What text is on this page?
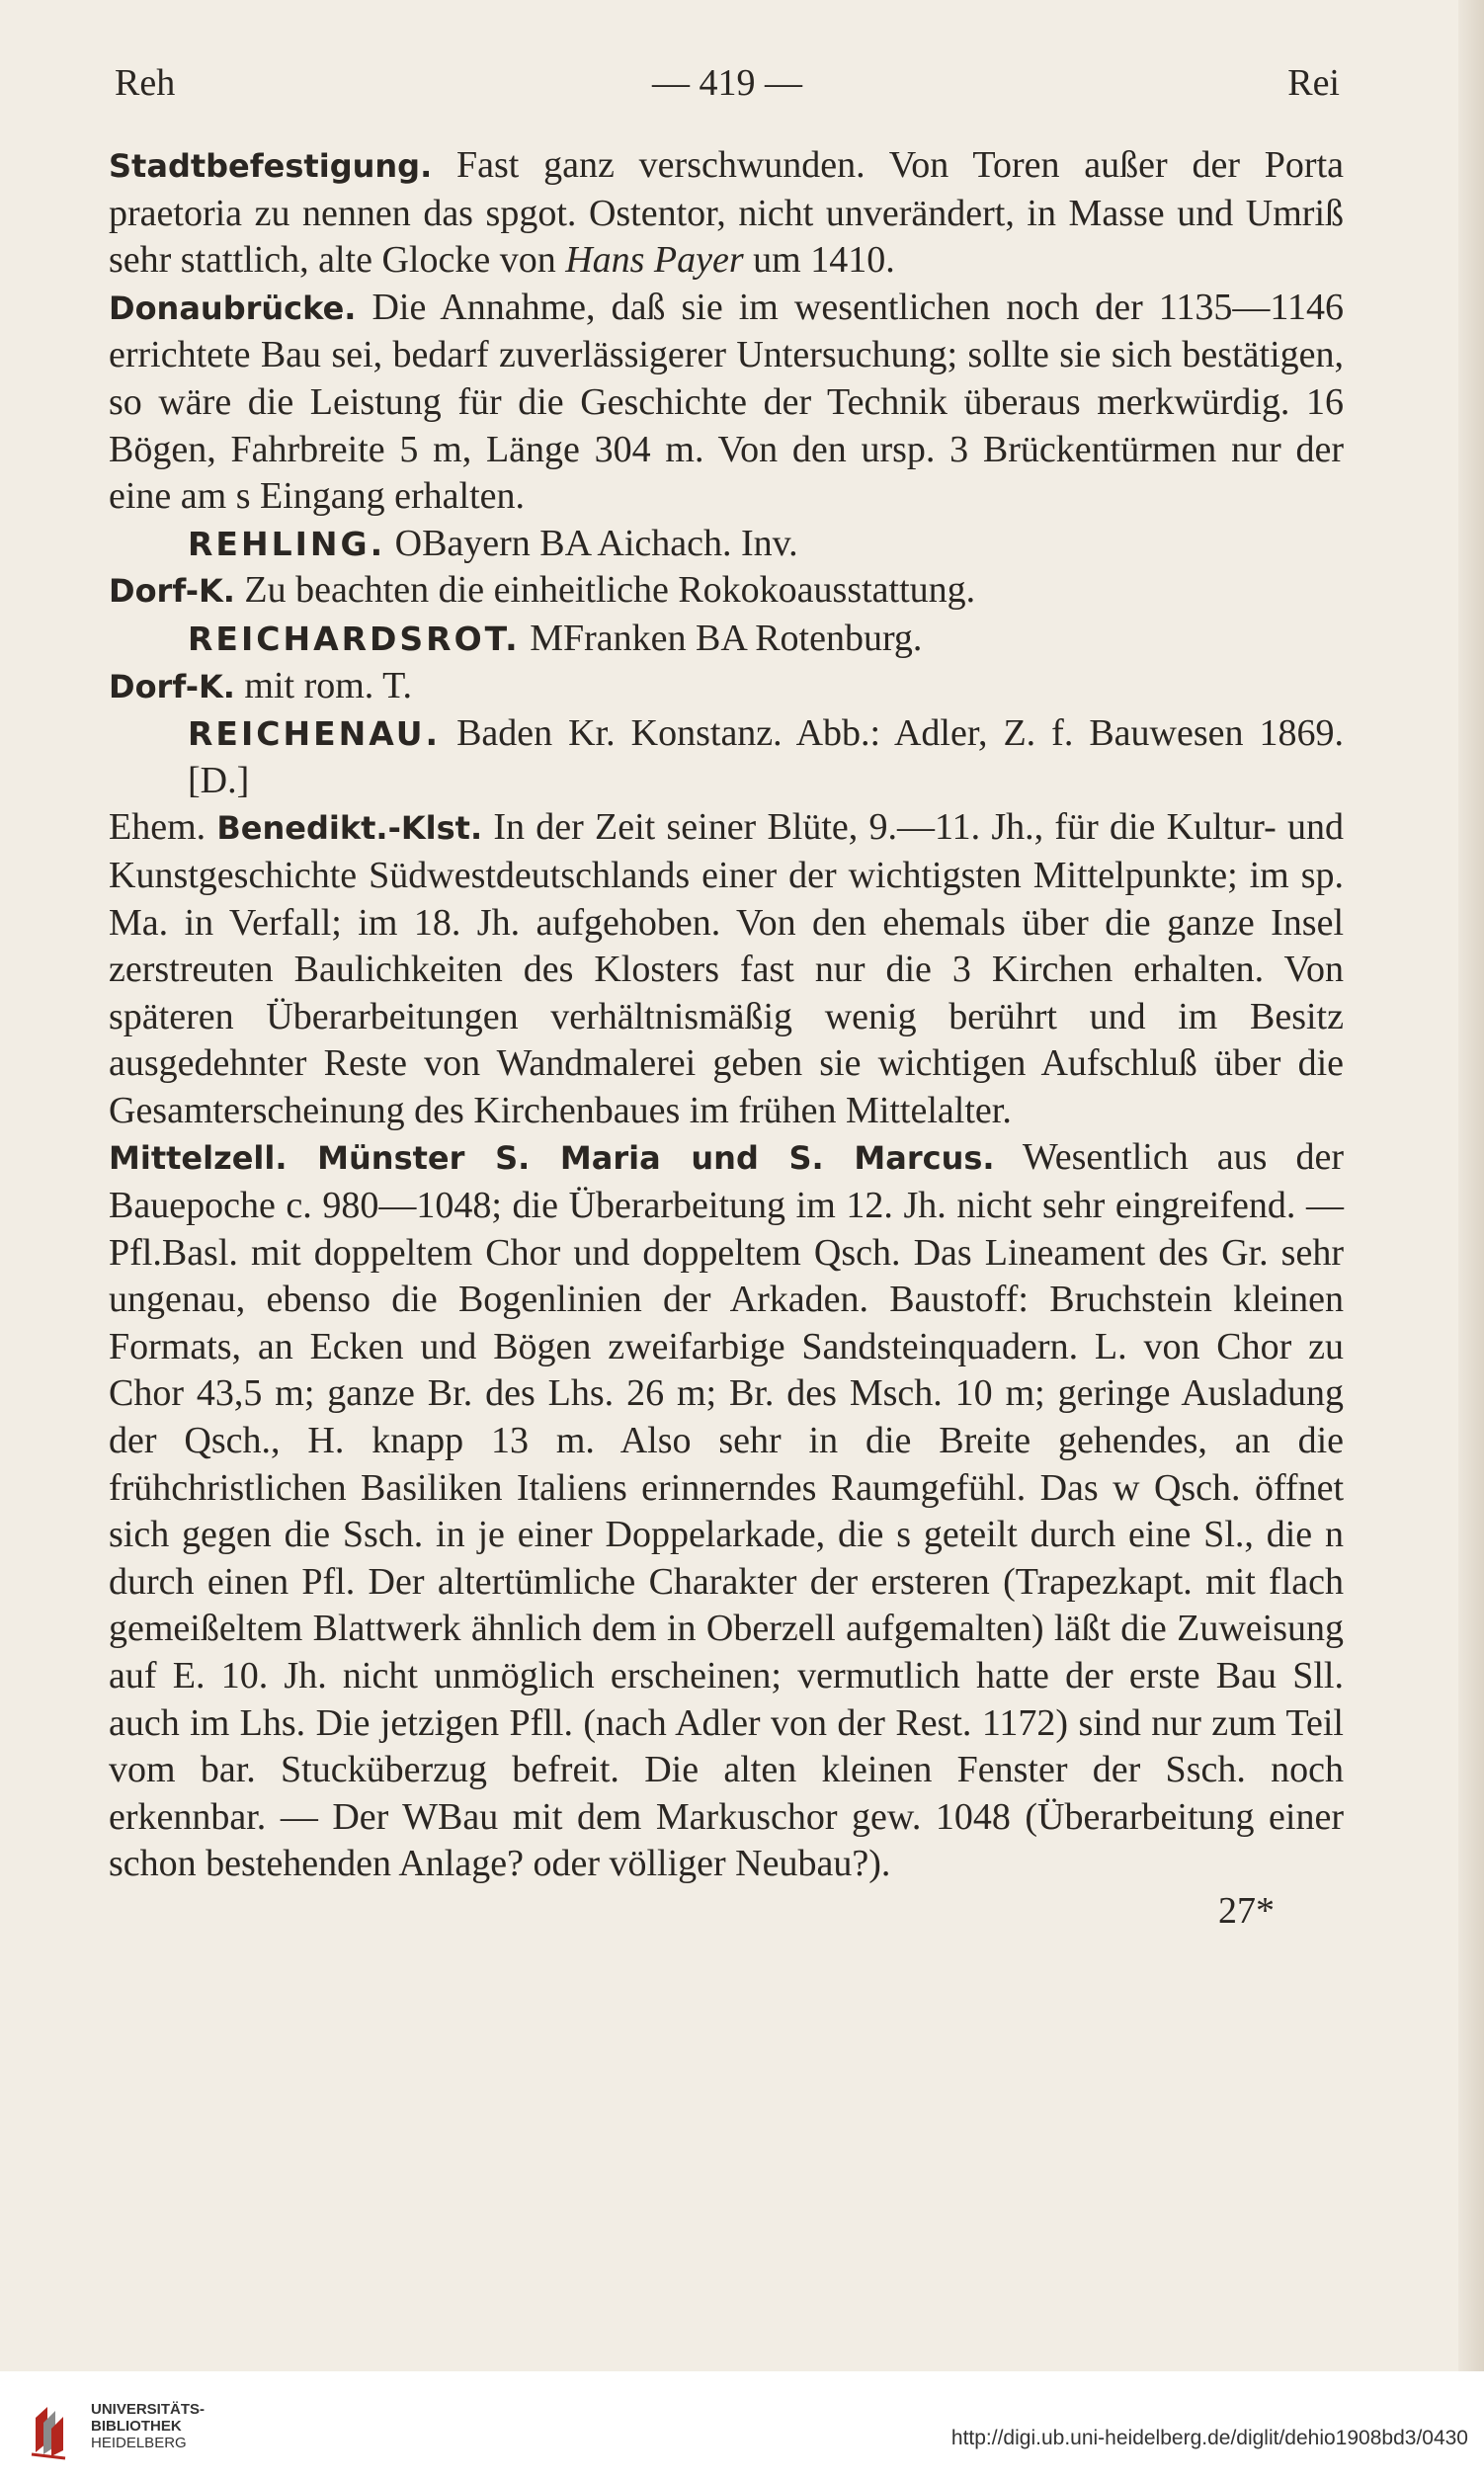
Reh	— 419 —	Rei

Stadtbefestigung. Fast ganz verschwunden. Von Toren außer der Porta praetoria zu nennen das spgot. Ostentor, nicht unverändert, in Masse und Umriß sehr stattlich, alte Glocke von Hans Payer um 1410.

Donaubrücke. Die Annahme, daß sie im wesentlichen noch der 1135—1146 errichtete Bau sei, bedarf zuverlässigerer Untersuchung; sollte sie sich bestätigen, so wäre die Leistung für die Geschichte der Technik überaus merkwürdig. 16 Bögen, Fahrbreite 5 m, Länge 304 m. Von den ursp. 3 Brückentürmen nur der eine am s Eingang erhalten.

REHLING. OBayern BA Aichach. Inv.

Dorf-K. Zu beachten die einheitliche Rokokoausstattung.

REICHARDSROT. MFranken BA Rotenburg.

Dorf-K. mit rom. T.

REICHENAU. Baden Kr. Konstanz. Abb.: Adler, Z. f. Bauwesen 1869. [D.]

Ehem. Benedikt.-Klst. In der Zeit seiner Blüte, 9.—11. Jh., für die Kultur- und Kunstgeschichte Südwestdeutschlands einer der wichtigsten Mittelpunkte; im sp. Ma. in Verfall; im 18. Jh. aufgehoben. Von den ehemals über die ganze Insel zerstreuten Baulichkeiten des Klosters fast nur die 3 Kirchen erhalten. Von späteren Überarbeitungen verhältnismäßig wenig berührt und im Besitz ausgedehnter Reste von Wandmalerei geben sie wichtigen Aufschluß über die Gesamterscheinung des Kirchenbaues im frühen Mittelalter.

Mittelzell. Münster S. Maria und S. Marcus. Wesentlich aus der Bauepoche c. 980—1048; die Überarbeitung im 12. Jh. nicht sehr eingreifend. — Pfl.Basl. mit doppeltem Chor und doppeltem Qsch. Das Lineament des Gr. sehr ungenau, ebenso die Bogenlinien der Arkaden. Baustoff: Bruchstein kleinen Formats, an Ecken und Bögen zweifarbige Sandsteinquadern. L. von Chor zu Chor 43,5 m; ganze Br. des Lhs. 26 m; Br. des Msch. 10 m; geringe Ausladung der Qsch., H. knapp 13 m. Also sehr in die Breite gehendes, an die frühchristlichen Basiliken Italiens erinnerndes Raumgefühl. Das w Qsch. öffnet sich gegen die Ssch. in je einer Doppelarkade, die s geteilt durch eine Sl., die n durch einen Pfl. Der altertümliche Charakter der ersteren (Trapezkapt. mit flach gemeißeltem Blattwerk ähnlich dem in Oberzell aufgemalten) läßt die Zuweisung auf E. 10. Jh. nicht unmöglich erscheinen; vermutlich hatte der erste Bau Sll. auch im Lhs. Die jetzigen Pfll. (nach Adler von der Rest. 1172) sind nur zum Teil vom bar. Stucküberzug befreit. Die alten kleinen Fenster der Ssch. noch erkennbar. — Der WBau mit dem Markuschor gew. 1048 (Überarbeitung einer schon bestehenden Anlage? oder völliger Neubau?).

27*

UNIVERSITÄTS-
BIBLIOTHEK
HEIDELBERG	http://digi.ub.uni-heidelberg.de/diglit/dehio1908bd3/0430
